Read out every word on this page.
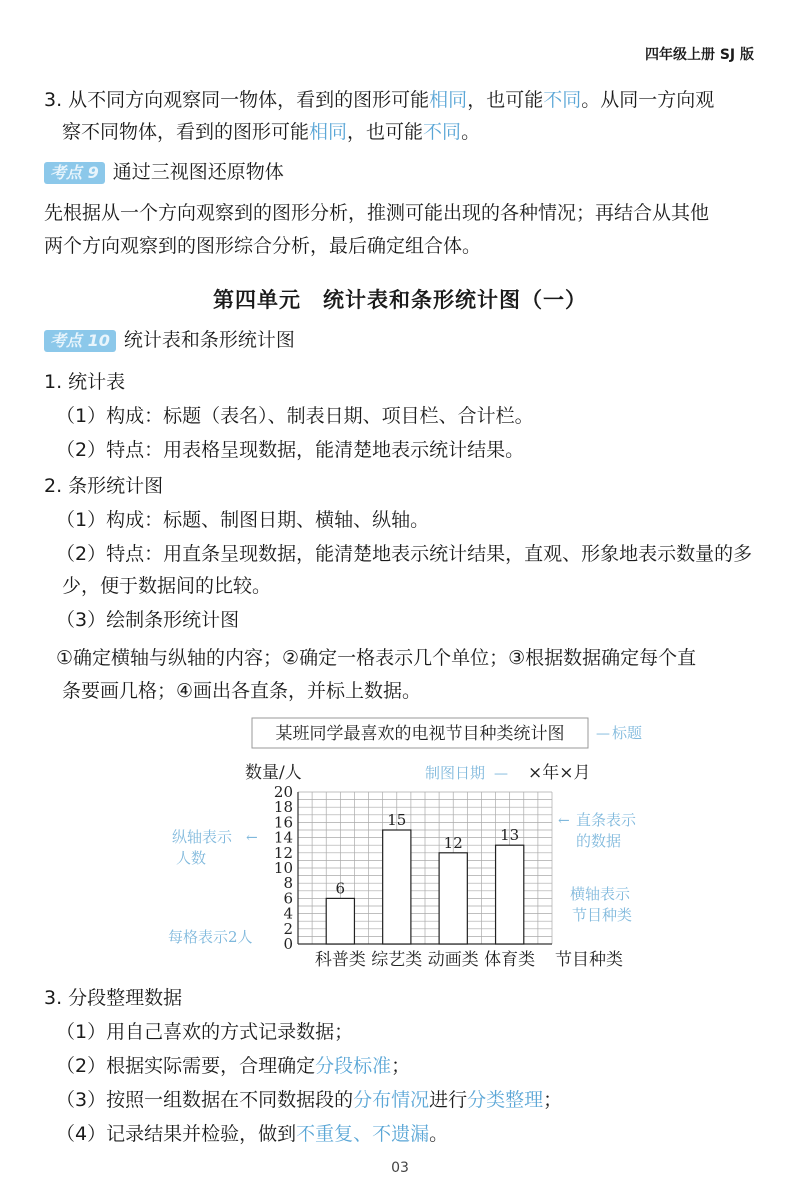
四年级上册 SJ 版
3. 从不同方向观察同一物体，看到的图形可能相同，也可能不同。从同一方向观
察不同物体，看到的图形可能相同，也可能不同。
考点 9 通过三视图还原物体
先根据从一个方向观察到的图形分析，推测可能出现的各种情况；再结合从其他
两个方向观察到的图形综合分析，最后确定组合体。
第四单元　统计表和条形统计图（一）
考点 10 统计表和条形统计图
1. 统计表
（1）构成：标题（表名）、制表日期、项目栏、合计栏。
（2）特点：用表格呈现数据，能清楚地表示统计结果。
2. 条形统计图
（1）构成：标题、制图日期、横轴、纵轴。
（2）特点：用直条呈现数据，能清楚地表示统计结果，直观、形象地表示数量的多
少，便于数据间的比较。
（3）绘制条形统计图
①确定横轴与纵轴的内容；②确定一格表示几个单位；③根据数据确定每个直
条要画几格；④画出各直条，并标上数据。
某班同学最喜欢的电视节目种类统计图 — 标题
数量/人	制图日期 — ×年×月
0
2
4
6
8
10
12
14
16
18
20
6
15
12 13
科普类 综艺类 动画类 体育类 节目种类
纵轴表示 ←
人数
← 直条表示
的数据
横轴表示
节目种类
每格表示2人
3. 分段整理数据
（1）用自己喜欢的方式记录数据；
（2）根据实际需要，合理确定分段标准；
（3）按照一组数据在不同数据段的分布情况进行分类整理；
（4）记录结果并检验，做到不重复、不遗漏。
03
